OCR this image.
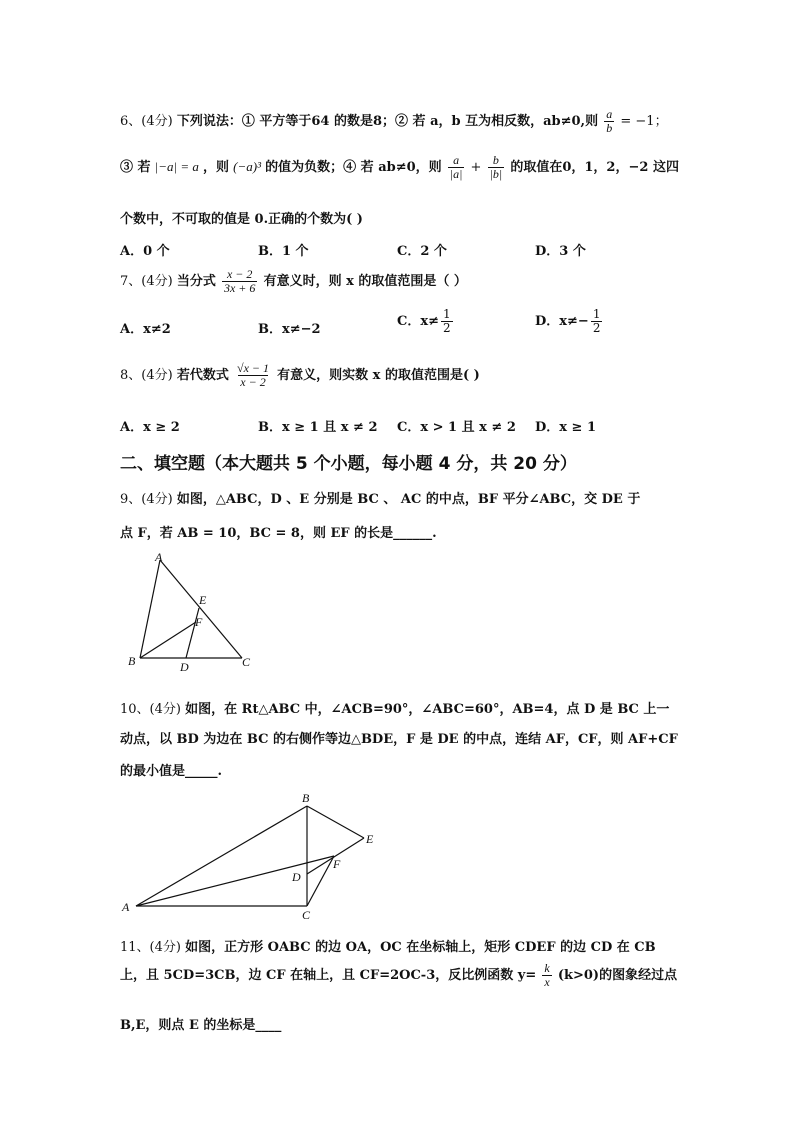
6、(4分) 下列说法：① 平方等于64 的数是8；② 若 a，b 互为相反数，ab≠0,则 $\frac{a}{b} = -1$；
③ 若 |−a| = a ，则 (−a)³ 的值为负数；④ 若 ab≠0，则 $\frac{a}{|a|} + \frac{b}{|b|}$ 的取值在0，1，2，−2 这四
个数中，不可取的值是 0.正确的个数为( )
A．0 个	B．1 个	C．2 个	D．3 个
7、(4分) 当分式 $\frac{x - 2}{3x + 6}$ 有意义时，则 x 的取值范围是（ ）
A．x≠2	B．x≠−2
C．$x\ne \frac{1}{2}$	D．$x\ne- \frac{1}{2}$
8、(4分) 若代数式 $\frac{√x - 1}{x - 2}$ 有意义，则实数 x 的取值范围是( )
A．x ≥ 2	B．x ≥ 1 且 x ≠ 2 C．x > 1 且 x ≠ 2 D．x ≥ 1
二、填空题（本大题共 5 个小题，每小题 4 分，共 20 分）
9、(4分) 如图，△ABC，D 、E 分别是 BC 、 AC 的中点，BF 平分∠ABC，交 DE 于
点 F，若 AB = 10，BC = 8，则 EF 的长是______.
A
B	C
D
E
F
10、(4分) 如图，在 Rt△ABC 中，∠ACB=90°，∠ABC=60°，AB=4，点 D 是 BC 上一
动点，以 BD 为边在 BC 的右侧作等边△BDE，F 是 DE 的中点，连结 AF，CF，则 AF+CF
的最小值是_____.
A
B
C
D
E
F
11、(4分) 如图，正方形 OABC 的边 OA，OC 在坐标轴上，矩形 CDEF 的边 CD 在 CB
上，且 5CD=3CB，边 CF 在轴上，且 CF=2OC-3，反比例函数 $y= \frac{k}{x} (k>0)$的图象经过点
B,E，则点 E 的坐标是____
